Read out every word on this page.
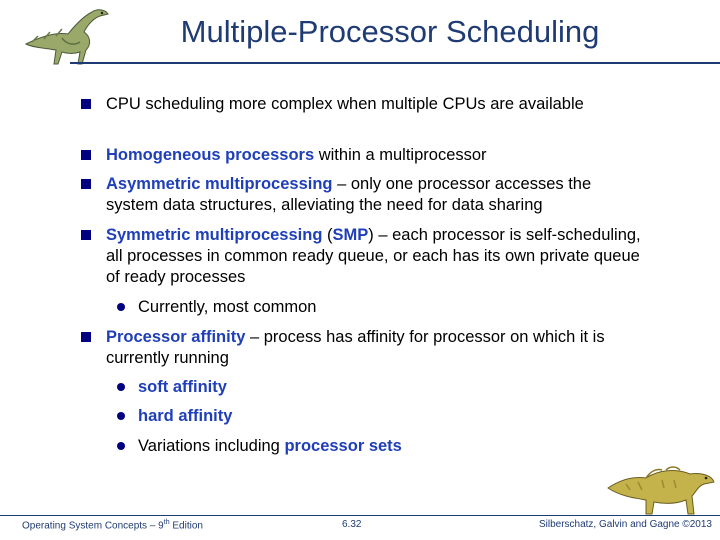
Multiple-Processor Scheduling
CPU scheduling more complex when multiple CPUs are available
Homogeneous processors within a multiprocessor
Asymmetric multiprocessing – only one processor accesses the system data structures, alleviating the need for data sharing
Symmetric multiprocessing (SMP) – each processor is self-scheduling, all processes in common ready queue, or each has its own private queue of ready processes
Currently, most common
Processor affinity – process has affinity for processor on which it is currently running
soft affinity
hard affinity
Variations including processor sets
Operating System Concepts – 9th Edition	6.32	Silberschatz, Galvin and Gagne ©2013
